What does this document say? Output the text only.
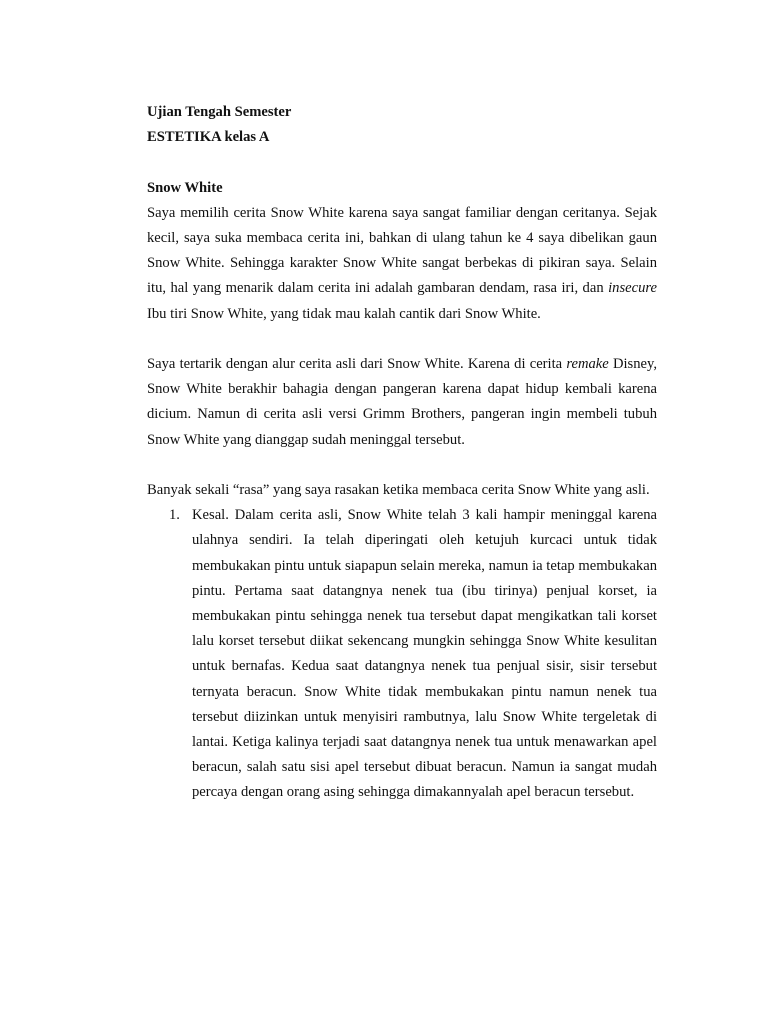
Ujian Tengah Semester
ESTETIKA kelas A
Snow White

Saya memilih cerita Snow White karena saya sangat familiar dengan ceritanya. Sejak kecil, saya suka membaca cerita ini, bahkan di ulang tahun ke 4 saya dibelikan gaun Snow White. Sehingga karakter Snow White sangat berbekas di pikiran saya. Selain itu, hal yang menarik dalam cerita ini adalah gambaran dendam, rasa iri, dan insecure Ibu tiri Snow White, yang tidak mau kalah cantik dari Snow White.

Saya tertarik dengan alur cerita asli dari Snow White. Karena di cerita remake Disney, Snow White berakhir bahagia dengan pangeran karena dapat hidup kembali karena dicium. Namun di cerita asli versi Grimm Brothers, pangeran ingin membeli tubuh Snow White yang dianggap sudah meninggal tersebut.

Banyak sekali “rasa” yang saya rasakan ketika membaca cerita Snow White yang asli.

1. Kesal. Dalam cerita asli, Snow White telah 3 kali hampir meninggal karena ulahnya sendiri. Ia telah diperingati oleh ketujuh kurcaci untuk tidak membukakan pintu untuk siapapun selain mereka, namun ia tetap membukakan pintu. Pertama saat datangnya nenek tua (ibu tirinya) penjual korset, ia membukakan pintu sehingga nenek tua tersebut dapat mengikatkan tali korset lalu korset tersebut diikat sekencang mungkin sehingga Snow White kesulitan untuk bernafas. Kedua saat datangnya nenek tua penjual sisir, sisir tersebut ternyata beracun. Snow White tidak membukakan pintu namun nenek tua tersebut diizinkan untuk menyisiri rambutnya, lalu Snow White tergeletak di lantai. Ketiga kalinya terjadi saat datangnya nenek tua untuk menawarkan apel beracun, salah satu sisi apel tersebut dibuat beracun. Namun ia sangat mudah percaya dengan orang asing sehingga dimakannyalah apel beracun tersebut.
